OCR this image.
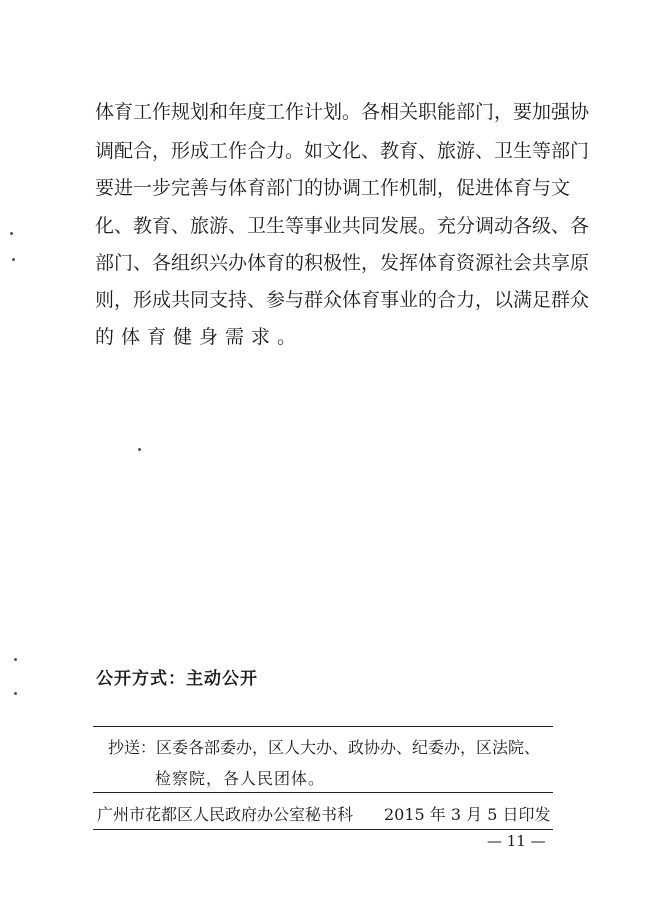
体育工作规划和年度工作计划。各相关职能部门，要加强协
调配合，形成工作合力。如文化、教育、旅游、卫生等部门
要进一步完善与体育部门的协调工作机制，促进体育与文
化、教育、旅游、卫生等事业共同发展。充分调动各级、各
部门、各组织兴办体育的积极性，发挥体育资源社会共享原
则，形成共同支持、参与群众体育事业的合力，以满足群众
的体育健身需求。
公开方式：主动公开
抄送：区委各部委办，区人大办、政协办、纪委办，区法院、
检察院，各人民团体。
广州市花都区人民政府办公室秘书科 2015 年 3 月 5 日印发
— 11 —
